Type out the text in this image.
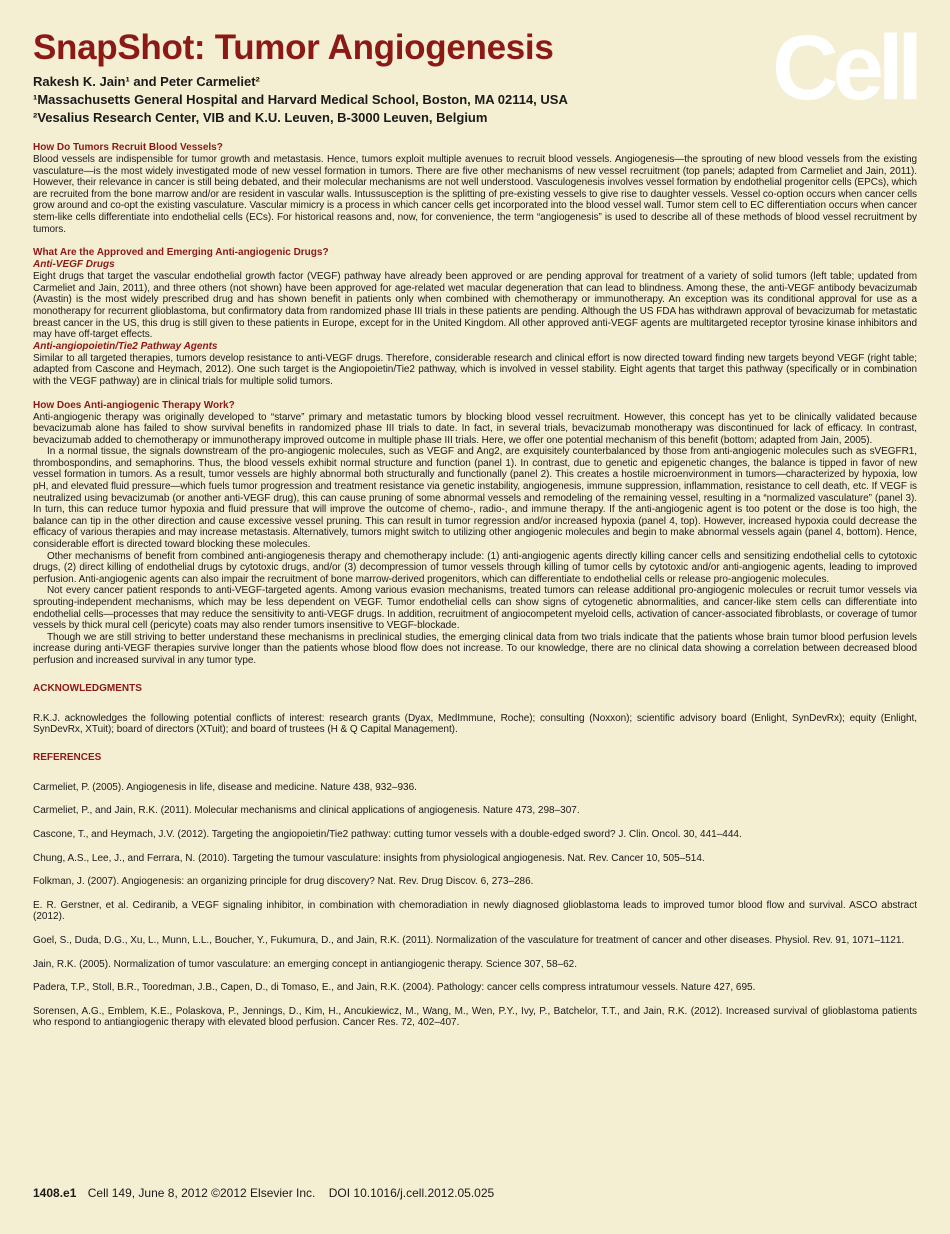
Cell
SnapShot: Tumor Angiogenesis

Rakesh K. Jain¹ and Peter Carmeliet²

¹Massachusetts General Hospital and Harvard Medical School, Boston, MA 02114, USA

²Vesalius Research Center, VIB and K.U. Leuven, B-3000 Leuven, Belgium

How Do Tumors Recruit Blood Vessels?

Blood vessels are indispensible for tumor growth and metastasis. Hence, tumors exploit multiple avenues to recruit blood vessels. Angiogenesis—the sprouting of new blood vessels from the existing vasculature—is the most widely investigated mode of new vessel formation in tumors. There are five other mechanisms of new vessel recruitment (top panels; adapted from Carmeliet and Jain, 2011). However, their relevance in cancer is still being debated, and their molecular mechanisms are not well understood. Vasculogenesis involves vessel formation by endothelial progenitor cells (EPCs), which are recruited from the bone marrow and/or are resident in vascular walls. Intussusception is the splitting of pre-existing vessels to give rise to daughter vessels. Vessel co-option occurs when cancer cells grow around and co-opt the existing vasculature. Vascular mimicry is a process in which cancer cells get incorporated into the blood vessel wall. Tumor stem cell to EC differentiation occurs when cancer stem-like cells differentiate into endothelial cells (ECs). For historical reasons and, now, for convenience, the term “angiogenesis” is used to describe all of these methods of blood vessel recruitment by tumors.

What Are the Approved and Emerging Anti-angiogenic Drugs?

Anti-VEGF Drugs

Eight drugs that target the vascular endothelial growth factor (VEGF) pathway have already been approved or are pending approval for treatment of a variety of solid tumors (left table; updated from Carmeliet and Jain, 2011), and three others (not shown) have been approved for age-related wet macular degeneration that can lead to blindness. Among these, the anti-VEGF antibody bevacizumab (Avastin) is the most widely prescribed drug and has shown benefit in patients only when combined with chemotherapy or immunotherapy. An exception was its conditional approval for use as a monotherapy for recurrent glioblastoma, but confirmatory data from randomized phase III trials in these patients are pending. Although the US FDA has withdrawn approval of bevacizumab for metastatic breast cancer in the US, this drug is still given to these patients in Europe, except for in the United Kingdom. All other approved anti-VEGF agents are multitargeted receptor tyrosine kinase inhibitors and may have off-target effects.

Anti-angiopoietin/Tie2 Pathway Agents

Similar to all targeted therapies, tumors develop resistance to anti-VEGF drugs. Therefore, considerable research and clinical effort is now directed toward finding new targets beyond VEGF (right table; adapted from Cascone and Heymach, 2012). One such target is the Angiopoietin/Tie2 pathway, which is involved in vessel stability. Eight agents that target this pathway (specifically or in combination with the VEGF pathway) are in clinical trials for multiple solid tumors.

How Does Anti-angiogenic Therapy Work?

Anti-angiogenic therapy was originally developed to “starve” primary and metastatic tumors by blocking blood vessel recruitment. However, this concept has yet to be clinically validated because bevacizumab alone has failed to show survival benefits in randomized phase III trials to date. In fact, in several trials, bevacizumab monotherapy was discontinued for lack of efficacy. In contrast, bevacizumab added to chemotherapy or immunotherapy improved outcome in multiple phase III trials. Here, we offer one potential mechanism of this benefit (bottom; adapted from Jain, 2005).

In a normal tissue, the signals downstream of the pro-angiogenic molecules, such as VEGF and Ang2, are exquisitely counterbalanced by those from anti-angiogenic molecules such as sVEGFR1, thrombospondins, and semaphorins. Thus, the blood vessels exhibit normal structure and function (panel 1). In contrast, due to genetic and epigenetic changes, the balance is tipped in favor of new vessel formation in tumors. As a result, tumor vessels are highly abnormal both structurally and functionally (panel 2). This creates a hostile microenvironment in tumors—characterized by hypoxia, low pH, and elevated fluid pressure—which fuels tumor progression and treatment resistance via genetic instability, angiogenesis, immune suppression, inflammation, resistance to cell death, etc. If VEGF is neutralized using bevacizumab (or another anti-VEGF drug), this can cause pruning of some abnormal vessels and remodeling of the remaining vessel, resulting in a “normalized vasculature” (panel 3). In turn, this can reduce tumor hypoxia and fluid pressure that will improve the outcome of chemo-, radio-, and immune therapy. If the anti-angiogenic agent is too potent or the dose is too high, the balance can tip in the other direction and cause excessive vessel pruning. This can result in tumor regression and/or increased hypoxia (panel 4, top). However, increased hypoxia could decrease the efficacy of various therapies and may increase metastasis. Alternatively, tumors might switch to utilizing other angiogenic molecules and begin to make abnormal vessels again (panel 4, bottom). Hence, considerable effort is directed toward blocking these molecules.

Other mechanisms of benefit from combined anti-angiogenesis therapy and chemotherapy include: (1) anti-angiogenic agents directly killing cancer cells and sensitizing endothelial cells to cytotoxic drugs, (2) direct killing of endothelial drugs by cytotoxic drugs, and/or (3) decompression of tumor vessels through killing of tumor cells by cytotoxic and/or anti-angiogenic agents, leading to improved perfusion. Anti-angiogenic agents can also impair the recruitment of bone marrow-derived progenitors, which can differentiate to endothelial cells or release pro-angiogenic molecules.

Not every cancer patient responds to anti-VEGF-targeted agents. Among various evasion mechanisms, treated tumors can release additional pro-angiogenic molecules or recruit tumor vessels via sprouting-independent mechanisms, which may be less dependent on VEGF. Tumor endothelial cells can show signs of cytogenetic abnormalities, and cancer-like stem cells can differentiate into endothelial cells—processes that may reduce the sensitivity to anti-VEGF drugs. In addition, recruitment of angiocompetent myeloid cells, activation of cancer-associated fibroblasts, or coverage of tumor vessels by thick mural cell (pericyte) coats may also render tumors insensitive to VEGF-blockade.

Though we are still striving to better understand these mechanisms in preclinical studies, the emerging clinical data from two trials indicate that the patients whose brain tumor blood perfusion levels increase during anti-VEGF therapies survive longer than the patients whose blood flow does not increase. To our knowledge, there are no clinical data showing a correlation between decreased blood perfusion and increased survival in any tumor type.

ACKNOWLEDGMENTS

R.K.J. acknowledges the following potential conflicts of interest: research grants (Dyax, MedImmune, Roche); consulting (Noxxon); scientific advisory board (Enlight, SynDevRx); equity (Enlight, SynDevRx, XTuit); board of directors (XTuit); and board of trustees (H & Q Capital Management).

REFERENCES

Carmeliet, P. (2005). Angiogenesis in life, disease and medicine. Nature 438, 932–936.

Carmeliet, P., and Jain, R.K. (2011). Molecular mechanisms and clinical applications of angiogenesis. Nature 473, 298–307.

Cascone, T., and Heymach, J.V. (2012). Targeting the angiopoietin/Tie2 pathway: cutting tumor vessels with a double-edged sword? J. Clin. Oncol. 30, 441–444.

Chung, A.S., Lee, J., and Ferrara, N. (2010). Targeting the tumour vasculature: insights from physiological angiogenesis. Nat. Rev. Cancer 10, 505–514.

Folkman, J. (2007). Angiogenesis: an organizing principle for drug discovery? Nat. Rev. Drug Discov. 6, 273–286.

E. R. Gerstner, et al. Cediranib, a VEGF signaling inhibitor, in combination with chemoradiation in newly diagnosed glioblastoma leads to improved tumor blood flow and survival. ASCO abstract (2012).

Goel, S., Duda, D.G., Xu, L., Munn, L.L., Boucher, Y., Fukumura, D., and Jain, R.K. (2011). Normalization of the vasculature for treatment of cancer and other diseases. Physiol. Rev. 91, 1071–1121.

Jain, R.K. (2005). Normalization of tumor vasculature: an emerging concept in antiangiogenic therapy. Science 307, 58–62.

Padera, T.P., Stoll, B.R., Tooredman, J.B., Capen, D., di Tomaso, E., and Jain, R.K. (2004). Pathology: cancer cells compress intratumour vessels. Nature 427, 695.

Sorensen, A.G., Emblem, K.E., Polaskova, P., Jennings, D., Kim, H., Ancukiewicz, M., Wang, M., Wen, P.Y., Ivy, P., Batchelor, T.T., and Jain, R.K. (2012). Increased survival of glioblastoma patients who respond to antiangiogenic therapy with elevated blood perfusion. Cancer Res. 72, 402–407.

1408.e1 Cell 149, June 8, 2012 ©2012 Elsevier Inc. DOI 10.1016/j.cell.2012.05.025
